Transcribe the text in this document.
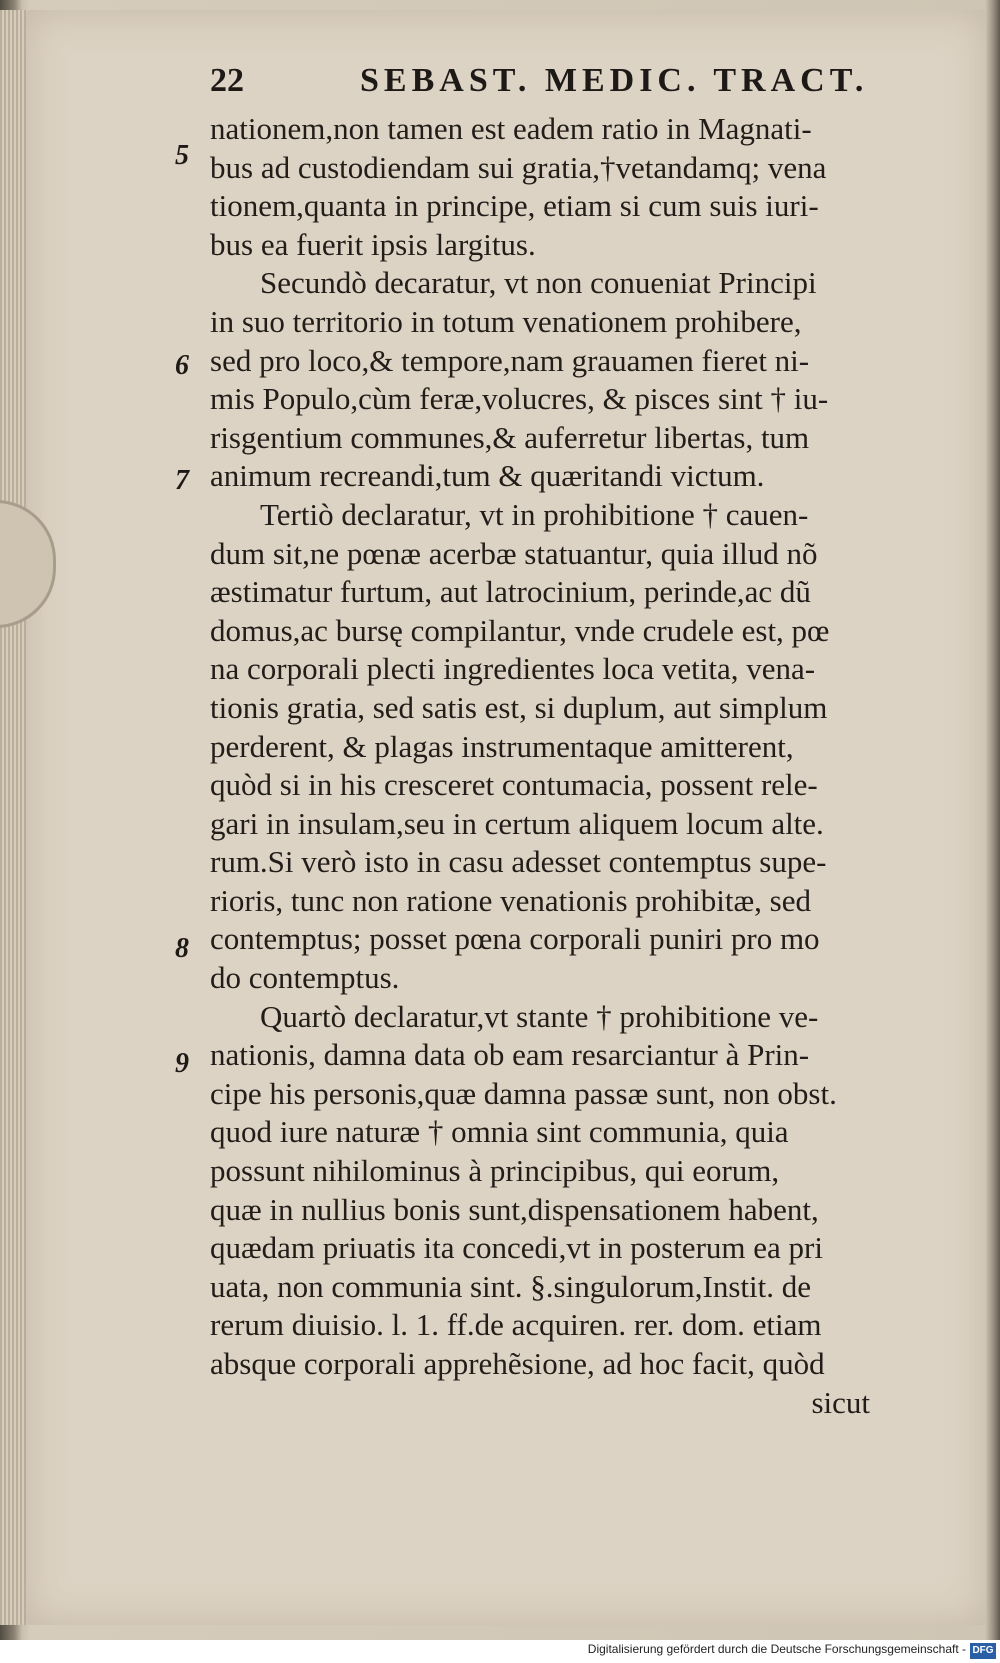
22	SEBAST. MEDIC. TRACT.
5
6
7
8
9
nationem,non tamen est eadem ratio in Magnati-
bus ad custodiendam sui gratia,†vetandamq; vena
tionem,quanta in principe, etiam si cum suis iuri-
bus ea fuerit ipsis largitus.
Secundò decaratur, vt non conueniat Principi
in suo territorio in totum venationem prohibere,
sed pro loco,& tempore,nam grauamen fieret ni-
mis Populo,cùm feræ,volucres, & pisces sint † iu-
risgentium communes,& auferretur libertas, tum
animum recreandi,tum & quæritandi victum.
Tertiò declaratur, vt in prohibitione † cauen-
dum sit,ne pœnæ acerbæ statuantur, quia illud nõ
æstimatur furtum, aut latrocinium, perinde,ac dũ
domus,ac bursę compilantur, vnde crudele est, pœ
na corporali plecti ingredientes loca vetita, vena-
tionis gratia, sed satis est, si duplum, aut simplum
perderent, & plagas instrumentaque amitterent,
quòd si in his cresceret contumacia, possent rele-
gari in insulam,seu in certum aliquem locum alte.
rum.Si verò isto in casu adesset contemptus supe-
rioris, tunc non ratione venationis prohibitæ, sed
contemptus; posset pœna corporali puniri pro mo
do contemptus.
Quartò declaratur,vt stante † prohibitione ve-
nationis, damna data ob eam resarciantur à Prin-
cipe his personis,quæ damna passæ sunt, non obst.
quod iure naturæ † omnia sint communia, quia
possunt nihilominus à principibus, qui eorum,
quæ in nullius bonis sunt,dispensationem habent,
quædam priuatis ita concedi,vt in posterum ea pri
uata, non communia sint. §.singulorum,Instit. de
rerum diuisio. l. 1. ff.de acquiren. rer. dom. etiam
absque corporali apprehẽsione, ad hoc facit, quòd
sicut
Digitalisierung gefördert durch die Deutsche Forschungsgemeinschaft - DFG
